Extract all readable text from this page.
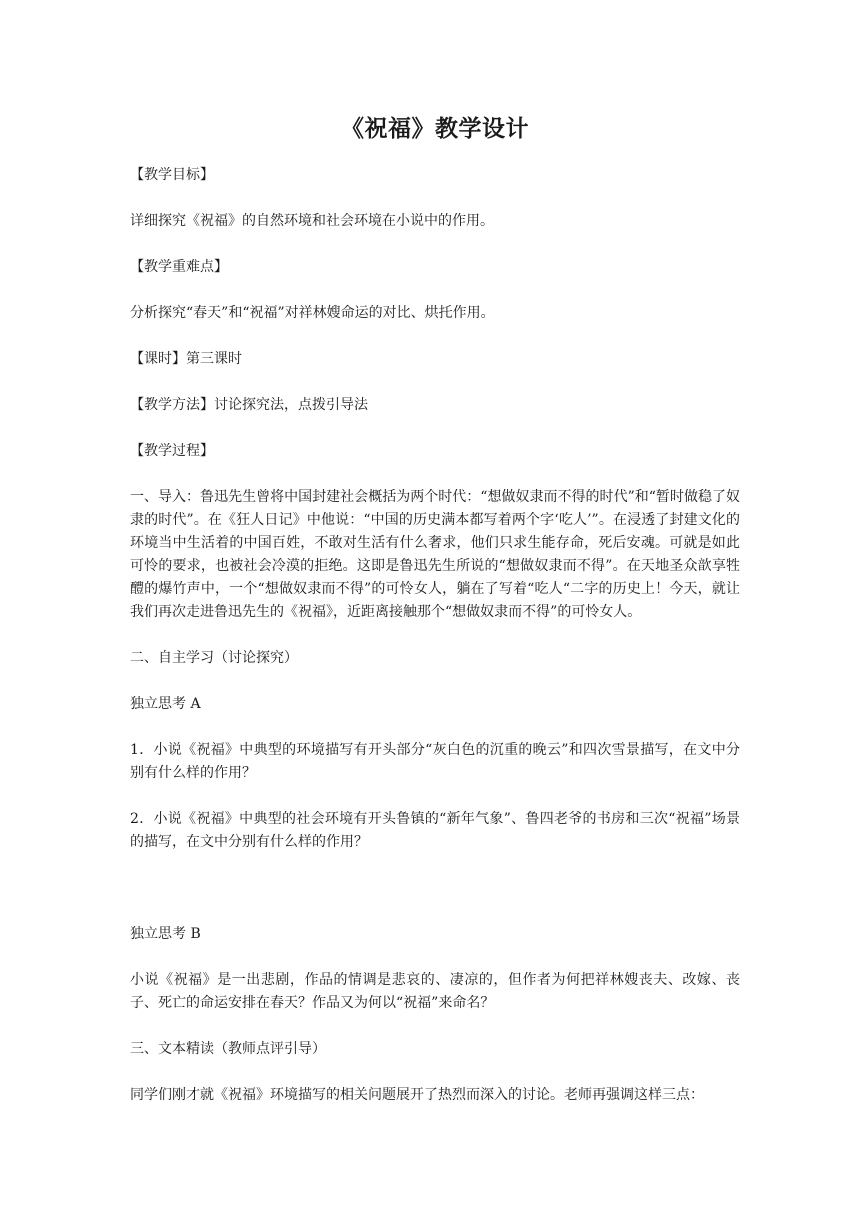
《祝福》教学设计
【教学目标】
详细探究《祝福》的自然环境和社会环境在小说中的作用。
【教学重难点】
分析探究“春天”和“祝福”对祥林嫂命运的对比、烘托作用。
【课时】第三课时
【教学方法】讨论探究法，点拨引导法
【教学过程】
一、导入：鲁迅先生曾将中国封建社会概括为两个时代：“想做奴隶而不得的时代”和“暂时做稳了奴隶的时代”。在《狂人日记》中他说：“中国的历史满本都写着两个字‘吃人’”。在浸透了封建文化的环境当中生活着的中国百姓，不敢对生活有什么奢求，他们只求生能存命，死后安魂。可就是如此可怜的要求，也被社会冷漠的拒绝。这即是鲁迅先生所说的“想做奴隶而不得”。在天地圣众歆享牲醴的爆竹声中，一个“想做奴隶而不得”的可怜女人，躺在了写着“吃人“二字的历史上！今天，就让我们再次走进鲁迅先生的《祝福》，近距离接触那个“想做奴隶而不得”的可怜女人。
二、自主学习（讨论探究）
独立思考 A
1．小说《祝福》中典型的环境描写有开头部分“灰白色的沉重的晚云”和四次雪景描写，在文中分别有什么样的作用？
2．小说《祝福》中典型的社会环境有开头鲁镇的“新年气象”、鲁四老爷的书房和三次“祝福”场景的描写，在文中分别有什么样的作用？
独立思考 B
小说《祝福》是一出悲剧，作品的情调是悲哀的、凄凉的，但作者为何把祥林嫂丧夫、改嫁、丧子、死亡的命运安排在春天？作品又为何以“祝福”来命名？
三、文本精读（教师点评引导）
同学们刚才就《祝福》环境描写的相关问题展开了热烈而深入的讨论。老师再强调这样三点：
